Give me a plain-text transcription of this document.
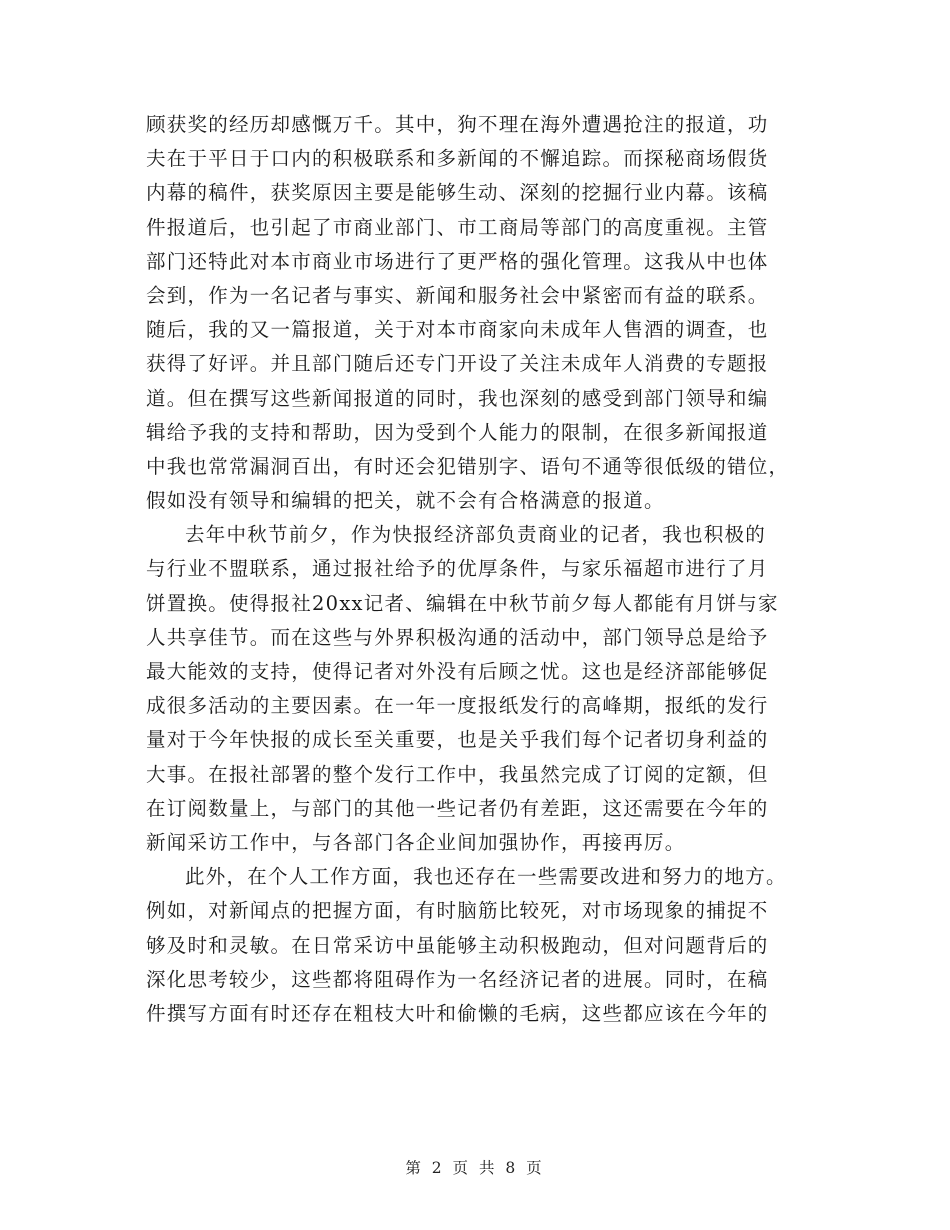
顾获奖的经历却感慨万千。其中，狗不理在海外遭遇抢注的报道，功
夫在于平日于口内的积极联系和多新闻的不懈追踪。而探秘商场假货
内幕的稿件，获奖原因主要是能够生动、深刻的挖掘行业内幕。该稿
件报道后，也引起了市商业部门、市工商局等部门的高度重视。主管
部门还特此对本市商业市场进行了更严格的强化管理。这我从中也体
会到，作为一名记者与事实、新闻和服务社会中紧密而有益的联系。
随后，我的又一篇报道，关于对本市商家向未成年人售酒的调查，也
获得了好评。并且部门随后还专门开设了关注未成年人消费的专题报
道。但在撰写这些新闻报道的同时，我也深刻的感受到部门领导和编
辑给予我的支持和帮助，因为受到个人能力的限制，在很多新闻报道
中我也常常漏洞百出，有时还会犯错别字、语句不通等很低级的错位，
假如没有领导和编辑的把关，就不会有合格满意的报道。
去年中秋节前夕，作为快报经济部负责商业的记者，我也积极的
与行业不盟联系，通过报社给予的优厚条件，与家乐福超市进行了月
饼置换。使得报社20xx记者、编辑在中秋节前夕每人都能有月饼与家
人共享佳节。而在这些与外界积极沟通的活动中，部门领导总是给予
最大能效的支持，使得记者对外没有后顾之忧。这也是经济部能够促
成很多活动的主要因素。在一年一度报纸发行的高峰期，报纸的发行
量对于今年快报的成长至关重要，也是关乎我们每个记者切身利益的
大事。在报社部署的整个发行工作中，我虽然完成了订阅的定额，但
在订阅数量上，与部门的其他一些记者仍有差距，这还需要在今年的
新闻采访工作中，与各部门各企业间加强协作，再接再厉。
此外，在个人工作方面，我也还存在一些需要改进和努力的地方。
例如，对新闻点的把握方面，有时脑筋比较死，对市场现象的捕捉不
够及时和灵敏。在日常采访中虽能够主动积极跑动，但对问题背后的
深化思考较少，这些都将阻碍作为一名经济记者的进展。同时，在稿
件撰写方面有时还存在粗枝大叶和偷懒的毛病，这些都应该在今年的
第 2 页 共 8 页
